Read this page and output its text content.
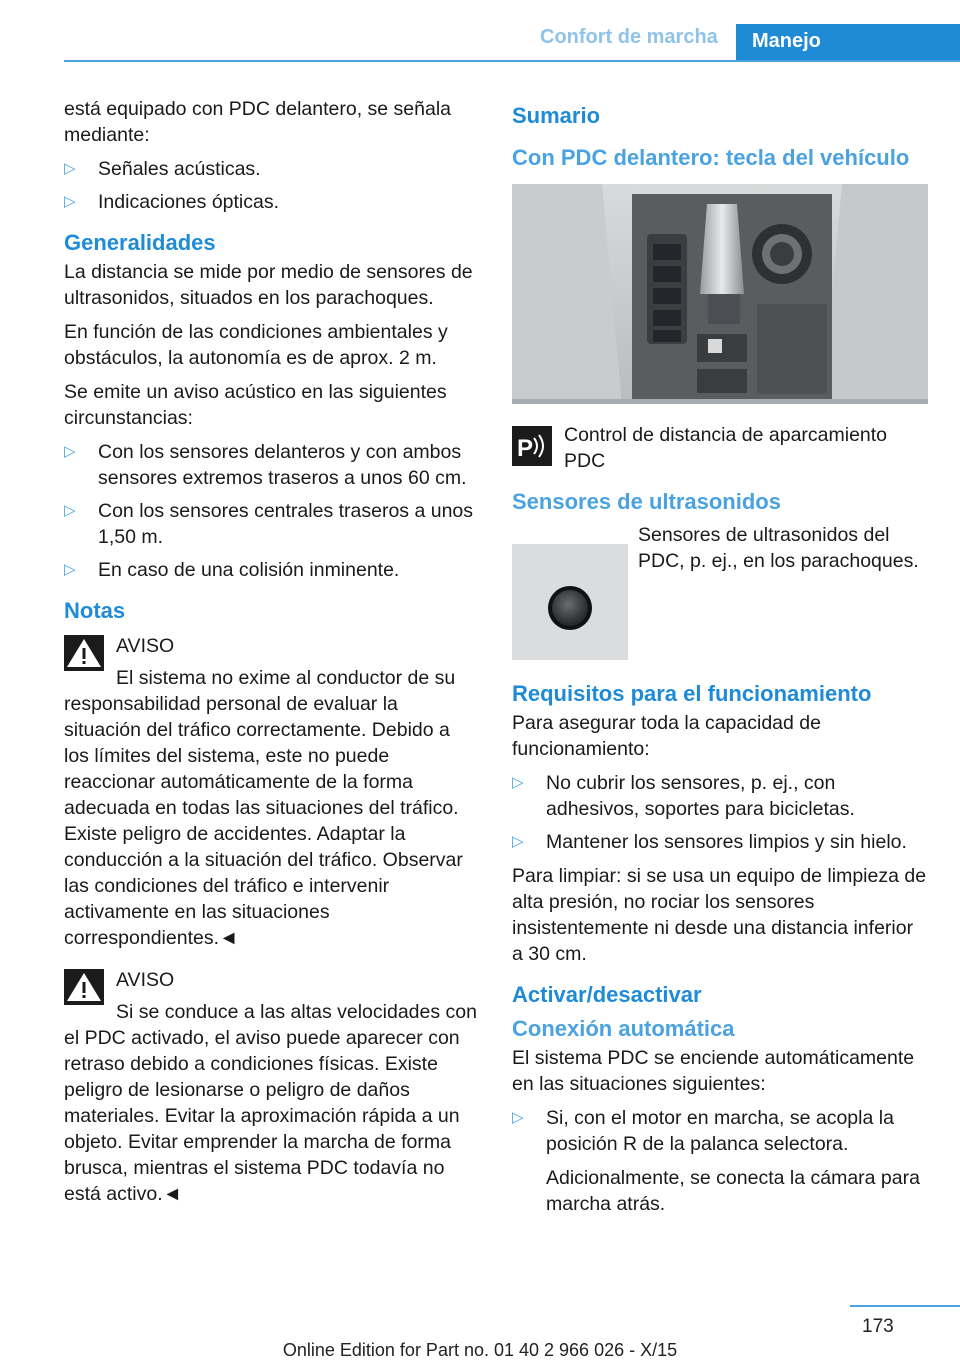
Confort de marcha	Manejo

está equipado con PDC delantero, se señala mediante:

▷
Señales acústicas.
▷
Indicaciones ópticas.
Generalidades

La distancia se mide por medio de sensores de ultrasonidos, situados en los parachoques.

En función de las condiciones ambientales y obstáculos, la autonomía es de aprox. 2 m.

Se emite un aviso acústico en las siguientes circunstancias:

▷
Con los sensores delanteros y con ambos sensores extremos traseros a unos 60 cm.
▷
Con los sensores centrales traseros a unos 1,50 m.
▷
En caso de una colisión inminente.
Notas

AVISO

El sistema no exime al conductor de su responsabilidad personal de evaluar la situación del tráfico correctamente. Debido a los límites del sistema, este no puede reaccionar automáticamente de la forma adecuada en todas las situaciones del tráfico. Existe peligro de accidentes. Adaptar la conducción a la situación del tráfico. Observar las condiciones del tráfico e intervenir activamente en las situaciones correspondientes.◄

AVISO

Si se conduce a las altas velocidades con el PDC activado, el aviso puede aparecer con retraso debido a condiciones físicas. Existe peligro de lesionarse o peligro de daños materiales. Evitar la aproximación rápida a un objeto. Evitar emprender la marcha de forma brusca, mientras el sistema PDC todavía no está activo.◄

Sumario
Con PDC delantero: tecla del vehículo
P Control de distancia de aparcamiento PDC
Sensores de ultrasonidos

Sensores de ultrasonidos del PDC, p. ej., en los parachoques.

Requisitos para el funcionamiento

Para asegurar toda la capacidad de funcionamiento:

▷
No cubrir los sensores, p. ej., con adhesivos, soportes para bicicletas.
▷
Mantener los sensores limpios y sin hielo.

Para limpiar: si se usa un equipo de limpieza de alta presión, no rociar los sensores insistentemente ni desde una distancia inferior a 30 cm.

Activar/desactivar
Conexión automática

El sistema PDC se enciende automáticamente en las situaciones siguientes:

▷
Si, con el motor en marcha, se acopla la posición R de la palanca selectora.

Adicionalmente, se conecta la cámara para marcha atrás.

173
Online Edition for Part no. 01 40 2 966 026 - X/15
